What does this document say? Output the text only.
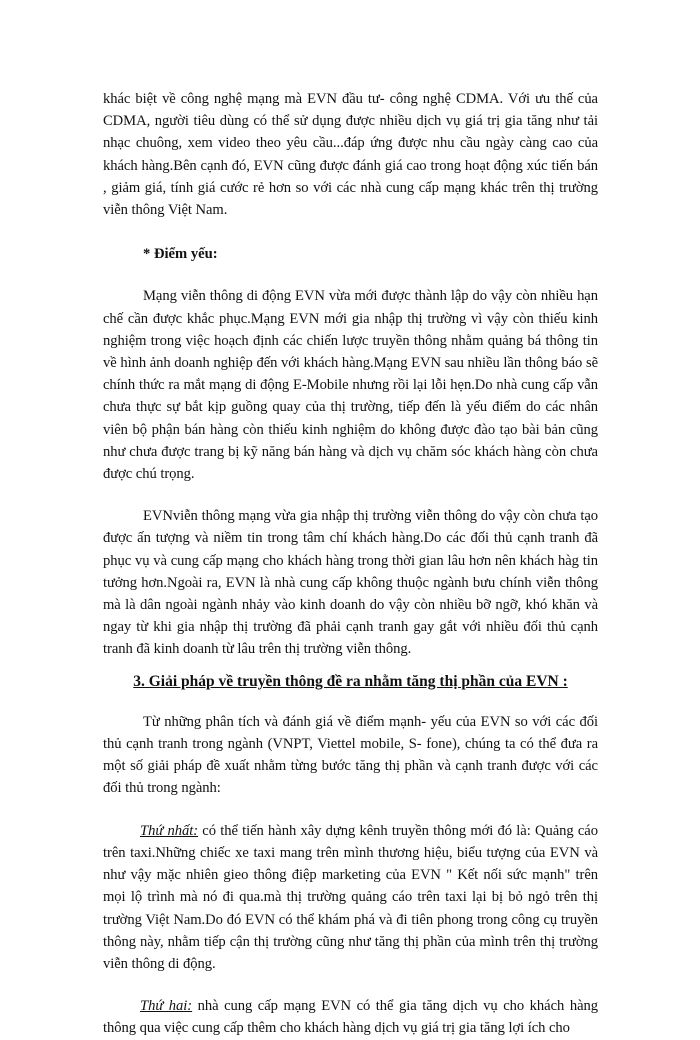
khác biệt về công nghệ mạng mà EVN đầu tư- công nghệ CDMA. Với ưu thế của CDMA, người tiêu dùng có thể sử dụng được nhiều dịch vụ giá trị gia tăng như tải nhạc chuông, xem video theo yêu cầu...đáp ứng được nhu cầu ngày càng cao của khách hàng.Bên cạnh đó, EVN cũng được đánh giá cao trong hoạt động xúc tiến bán , giảm giá, tính giá cước rẻ hơn so với các nhà cung cấp mạng khác trên thị trường viễn thông Việt Nam.

* Điểm yếu:

Mạng viễn thông di động EVN vừa mới được thành lập do vậy còn nhiều hạn chế cần được khắc phục.Mạng EVN mới gia nhập thị trường vì vậy còn thiếu kinh nghiệm trong việc hoạch định các chiến lược truyền thông nhằm quảng bá thông tin về hình ảnh doanh nghiệp đến với khách hàng.Mạng EVN sau nhiều lần thông báo sẽ chính thức ra mắt mạng di động E-Mobile nhưng rồi lại lỗi hẹn.Do nhà cung cấp vẫn chưa thực sự bắt kịp guồng quay của thị trường, tiếp đến là yếu điểm do các nhân viên bộ phận bán hàng còn thiếu kinh nghiệm do không được đào tạo bài bản cũng như chưa được trang bị kỹ năng bán hàng và dịch vụ chăm sóc khách hàng còn chưa được chú trọng.

EVNviễn thông mạng vừa gia nhập thị trường viễn thông do vậy còn chưa tạo được ấn tượng và niềm tin trong tâm chí khách hàng.Do các đối thủ cạnh tranh đã phục vụ và cung cấp mạng cho khách hàng trong thời gian lâu hơn nên khách hàg tin tưởng hơn.Ngoài ra, EVN là nhà cung cấp không thuộc ngành bưu chính viễn thông mà là dân ngoài ngành nhảy vào kinh doanh do vậy còn nhiều bỡ ngỡ, khó khăn và ngay từ khi gia nhập thị trường đã phải cạnh tranh gay gắt với nhiều đối thủ cạnh tranh đã kinh doanh từ lâu trên thị trường viễn thông.

3. Giải pháp về truyền thông đề ra nhằm tăng thị phần của EVN :

Từ những phân tích và đánh giá về điểm mạnh- yếu của EVN so với các đối thủ cạnh tranh trong ngành (VNPT, Viettel mobile, S- fone), chúng ta có thể đưa ra một số giải pháp đề xuất nhằm từng bước tăng thị phần và cạnh tranh được với các đối thủ trong ngành:

Thứ nhất: có thể tiến hành xây dựng kênh truyền thông mới đó là: Quảng cáo trên taxi.Những chiếc xe taxi mang trên mình thương hiệu, biểu tượng của EVN và như vậy mặc nhiên gieo thông điệp marketing của EVN " Kết nối sức mạnh" trên mọi lộ trình mà nó đi qua.mà thị trường quảng cáo trên taxi lại bị bỏ ngỏ trên thị trường Việt Nam.Do đó EVN có thể khám phá và đi tiên phong trong công cụ truyền thông này, nhằm tiếp cận thị trường cũng như tăng thị phần của mình trên thị trường viễn thông di động.

Thứ hai: nhà cung cấp mạng EVN có thể gia tăng dịch vụ cho khách hàng thông qua việc cung cấp thêm cho khách hàng dịch vụ giá trị gia tăng lợi ích cho
